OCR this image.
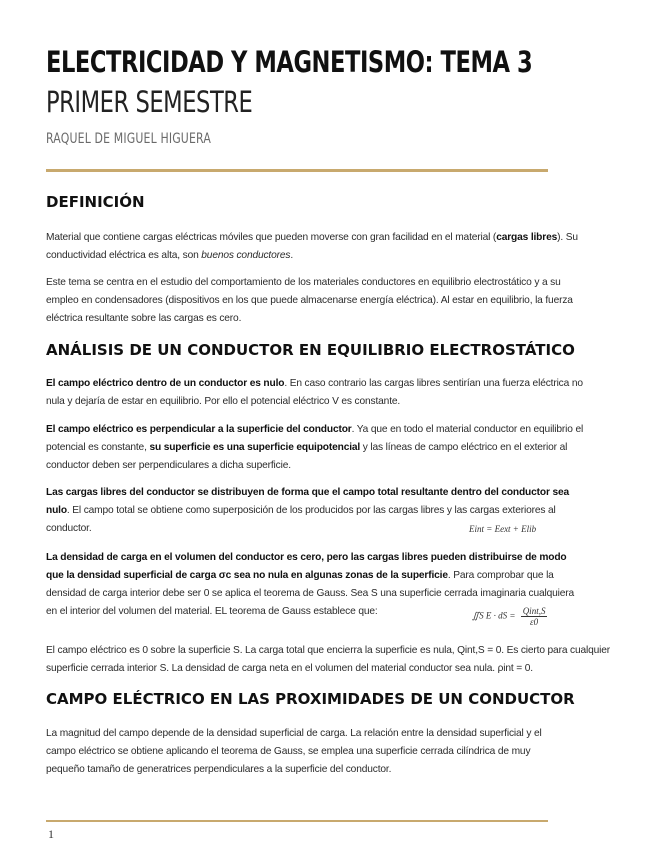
ELECTRICIDAD Y MAGNETISMO: TEMA 3
PRIMER SEMESTRE
RAQUEL DE MIGUEL HIGUERA
DEFINICIÓN
Material que contiene cargas eléctricas móviles que pueden moverse con gran facilidad en el material (cargas libres). Su conductividad eléctrica es alta, son buenos conductores.
Este tema se centra en el estudio del comportamiento de los materiales conductores en equilibrio electrostático y a su empleo en condensadores (dispositivos en los que puede almacenarse energía eléctrica). Al estar en equilibrio, la fuerza eléctrica resultante sobre las cargas es cero.
ANÁLISIS DE UN CONDUCTOR EN EQUILIBRIO ELECTROSTÁTICO
El campo eléctrico dentro de un conductor es nulo. En caso contrario las cargas libres sentirían una fuerza eléctrica no nula y dejaría de estar en equilibrio. Por ello el potencial eléctrico V es constante.
El campo eléctrico es perpendicular a la superficie del conductor. Ya que en todo el material conductor en equilibrio el potencial es constante, su superficie es una superficie equipotencial y las líneas de campo eléctrico en el exterior al conductor deben ser perpendiculares a dicha superficie.
Las cargas libres del conductor se distribuyen de forma que el campo total resultante dentro del conductor sea nulo. El campo total se obtiene como superposición de los producidos por las cargas libres y las cargas exteriores al conductor.	Eint = Eext + Elib
La densidad de carga en el volumen del conductor es cero, pero las cargas libres pueden distribuirse de modo que la densidad superficial de carga σc sea no nula en algunas zonas de la superficie. Para comprobar que la densidad de carga interior debe ser 0 se aplica el teorema de Gauss. Sea S una superficie cerrada imaginaria cualquiera en el interior del volumen del material. EL teorema de Gauss establece que:	∬S E · dS = $\frac{\text{Qint,S}}{\varepsilon 0}$
El campo eléctrico es 0 sobre la superficie S. La carga total que encierra la superficie es nula, Qint,S = 0. Es cierto para cualquier superficie cerrada interior S. La densidad de carga neta en el volumen del material conductor sea nula. ρint = 0.
CAMPO ELÉCTRICO EN LAS PROXIMIDADES DE UN CONDUCTOR
La magnitud del campo depende de la densidad superficial de carga. La relación entre la densidad superficial y el campo eléctrico se obtiene aplicando el teorema de Gauss, se emplea una superficie cerrada cilíndrica de muy pequeño tamaño de generatrices perpendiculares a la superficie del conductor.
1
